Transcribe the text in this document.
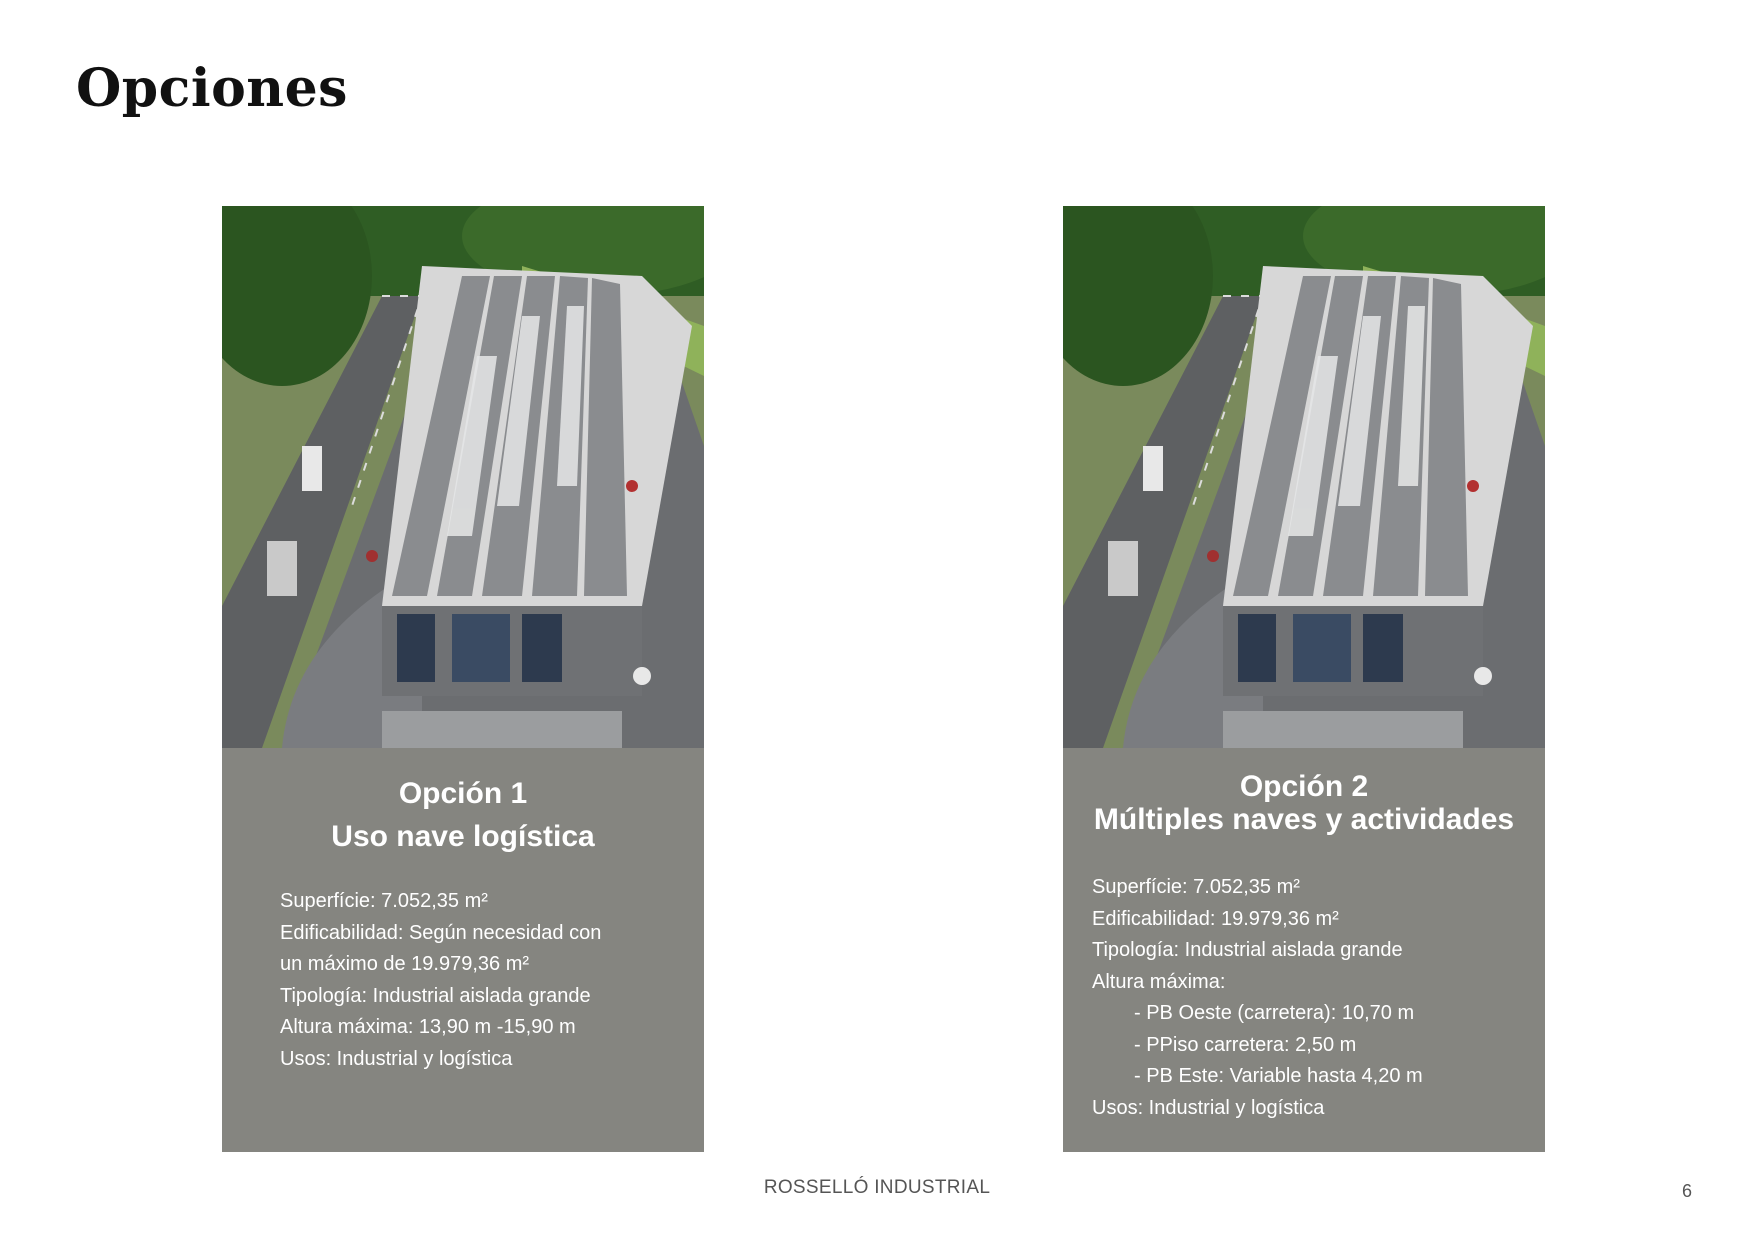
Opciones
Opción 1
Uso nave logística
Superfície: 7.052,35 m²
Edificabilidad: Según necesidad con
un máximo de 19.979,36 m²
Tipología: Industrial aislada grande
Altura máxima: 13,90 m -15,90 m
Usos: Industrial y logística
Opción 2
Múltiples naves y actividades
Superfície: 7.052,35 m²
Edificabilidad: 19.979,36 m²
Tipología: Industrial aislada grande
Altura máxima:
- PB Oeste (carretera): 10,70 m
- PPiso carretera: 2,50 m
- PB Este: Variable hasta 4,20 m
Usos: Industrial y logística
ROSSELLÓ INDUSTRIAL	6
